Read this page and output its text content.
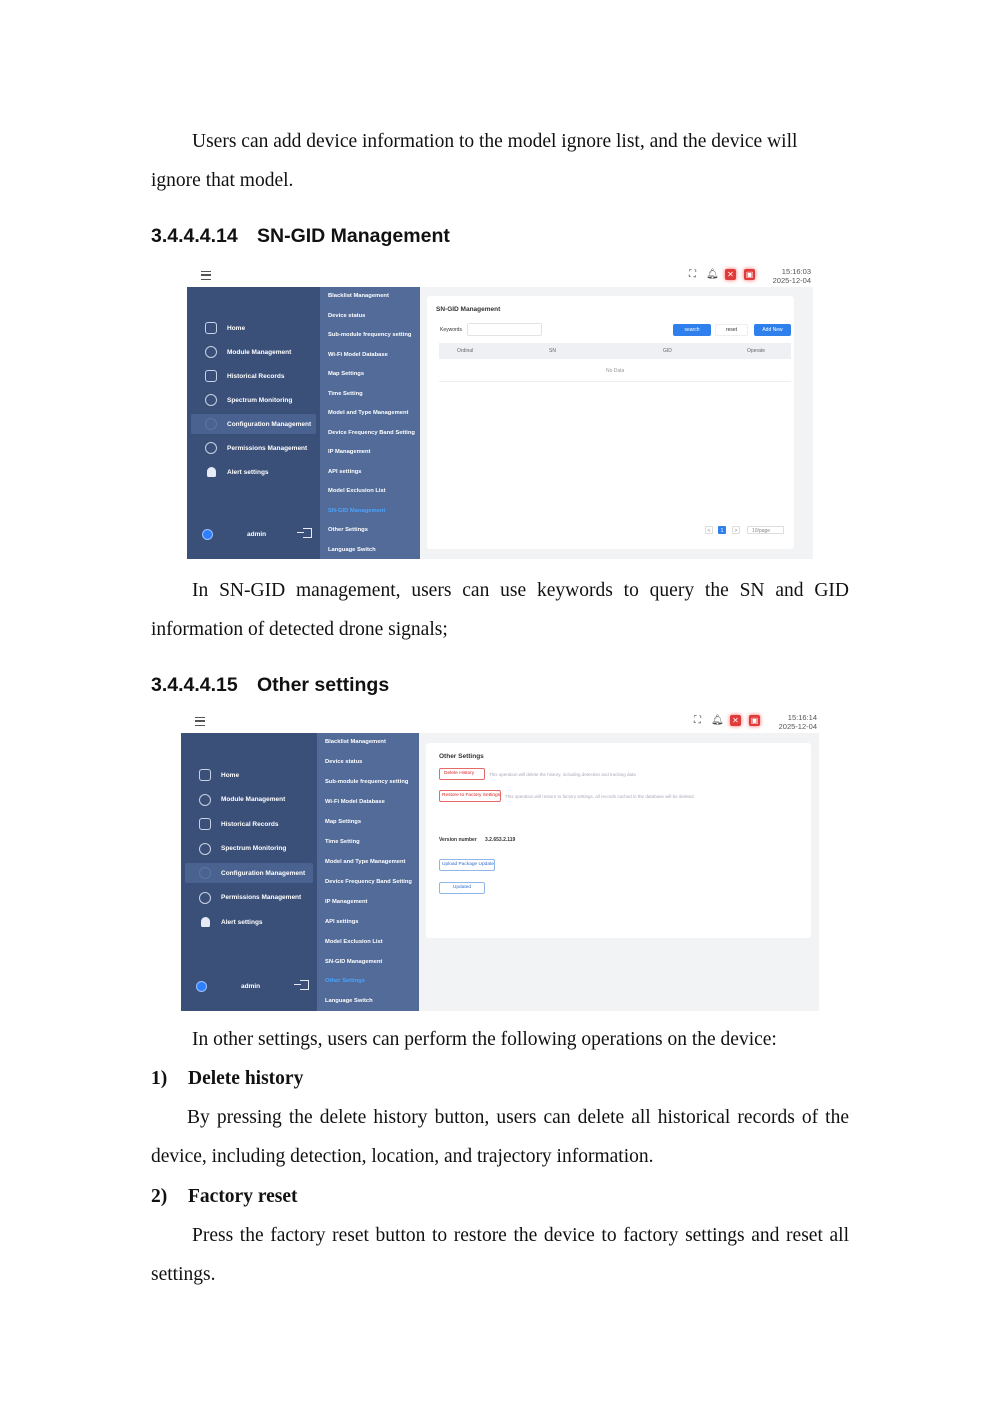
Users can add device information to the model ignore list, and the device will ignore that model.

3.4.4.4.14 SN-GID Management
⛶ 🔔︎ ✕ ▣	15:16:03
2025-12-04
Home
Module Management
Historical Records
Spectrum Monitoring
Configuration Management
Permissions Management
Alert settings
admin
Blacklist Management
Device status
Sub-module frequency setting
Wi-Fi Model Database
Map Settings
Time Setting
Model and Type Management
Device Frequency Band Setting
IP Management
API settings
Model Exclusion List
SN-GID Management
Other Settings
Language Switch
SN-GID Management
Keywords	search	reset	Add New
Ordinal	SN	GID	Operate
No Data
<	1	>	10/page

In SN-GID management, users can use keywords to query the SN and GID information of detected drone signals;

3.4.4.4.15 Other settings
⛶ 🔔︎ ✕ ▣	15:16:14
2025-12-04
Home
Module Management
Historical Records
Spectrum Monitoring
Configuration Management
Permissions Management
Alert settings
admin
Blacklist Management
Device status
Sub-module frequency setting
Wi-Fi Model Database
Map Settings
Time Setting
Model and Type Management
Device Frequency Band Setting
IP Management
API settings
Model Exclusion List
SN-GID Management
Other Settings
Language Switch
Other Settings
Delete History	This operation will delete the history, including detection and tracking data
Restore to Factory Settings This operation will restore to factory settings, all records cached in the database will be deleted
Version number 3.2.653.2.119
Upload Package Update
Updated

In other settings, users can perform the following operations on the device:

1) Delete history

By pressing the delete history button, users can delete all historical records of the device, including detection, location, and trajectory information.

2) Factory reset

Press the factory reset button to restore the device to factory settings and reset all settings.
